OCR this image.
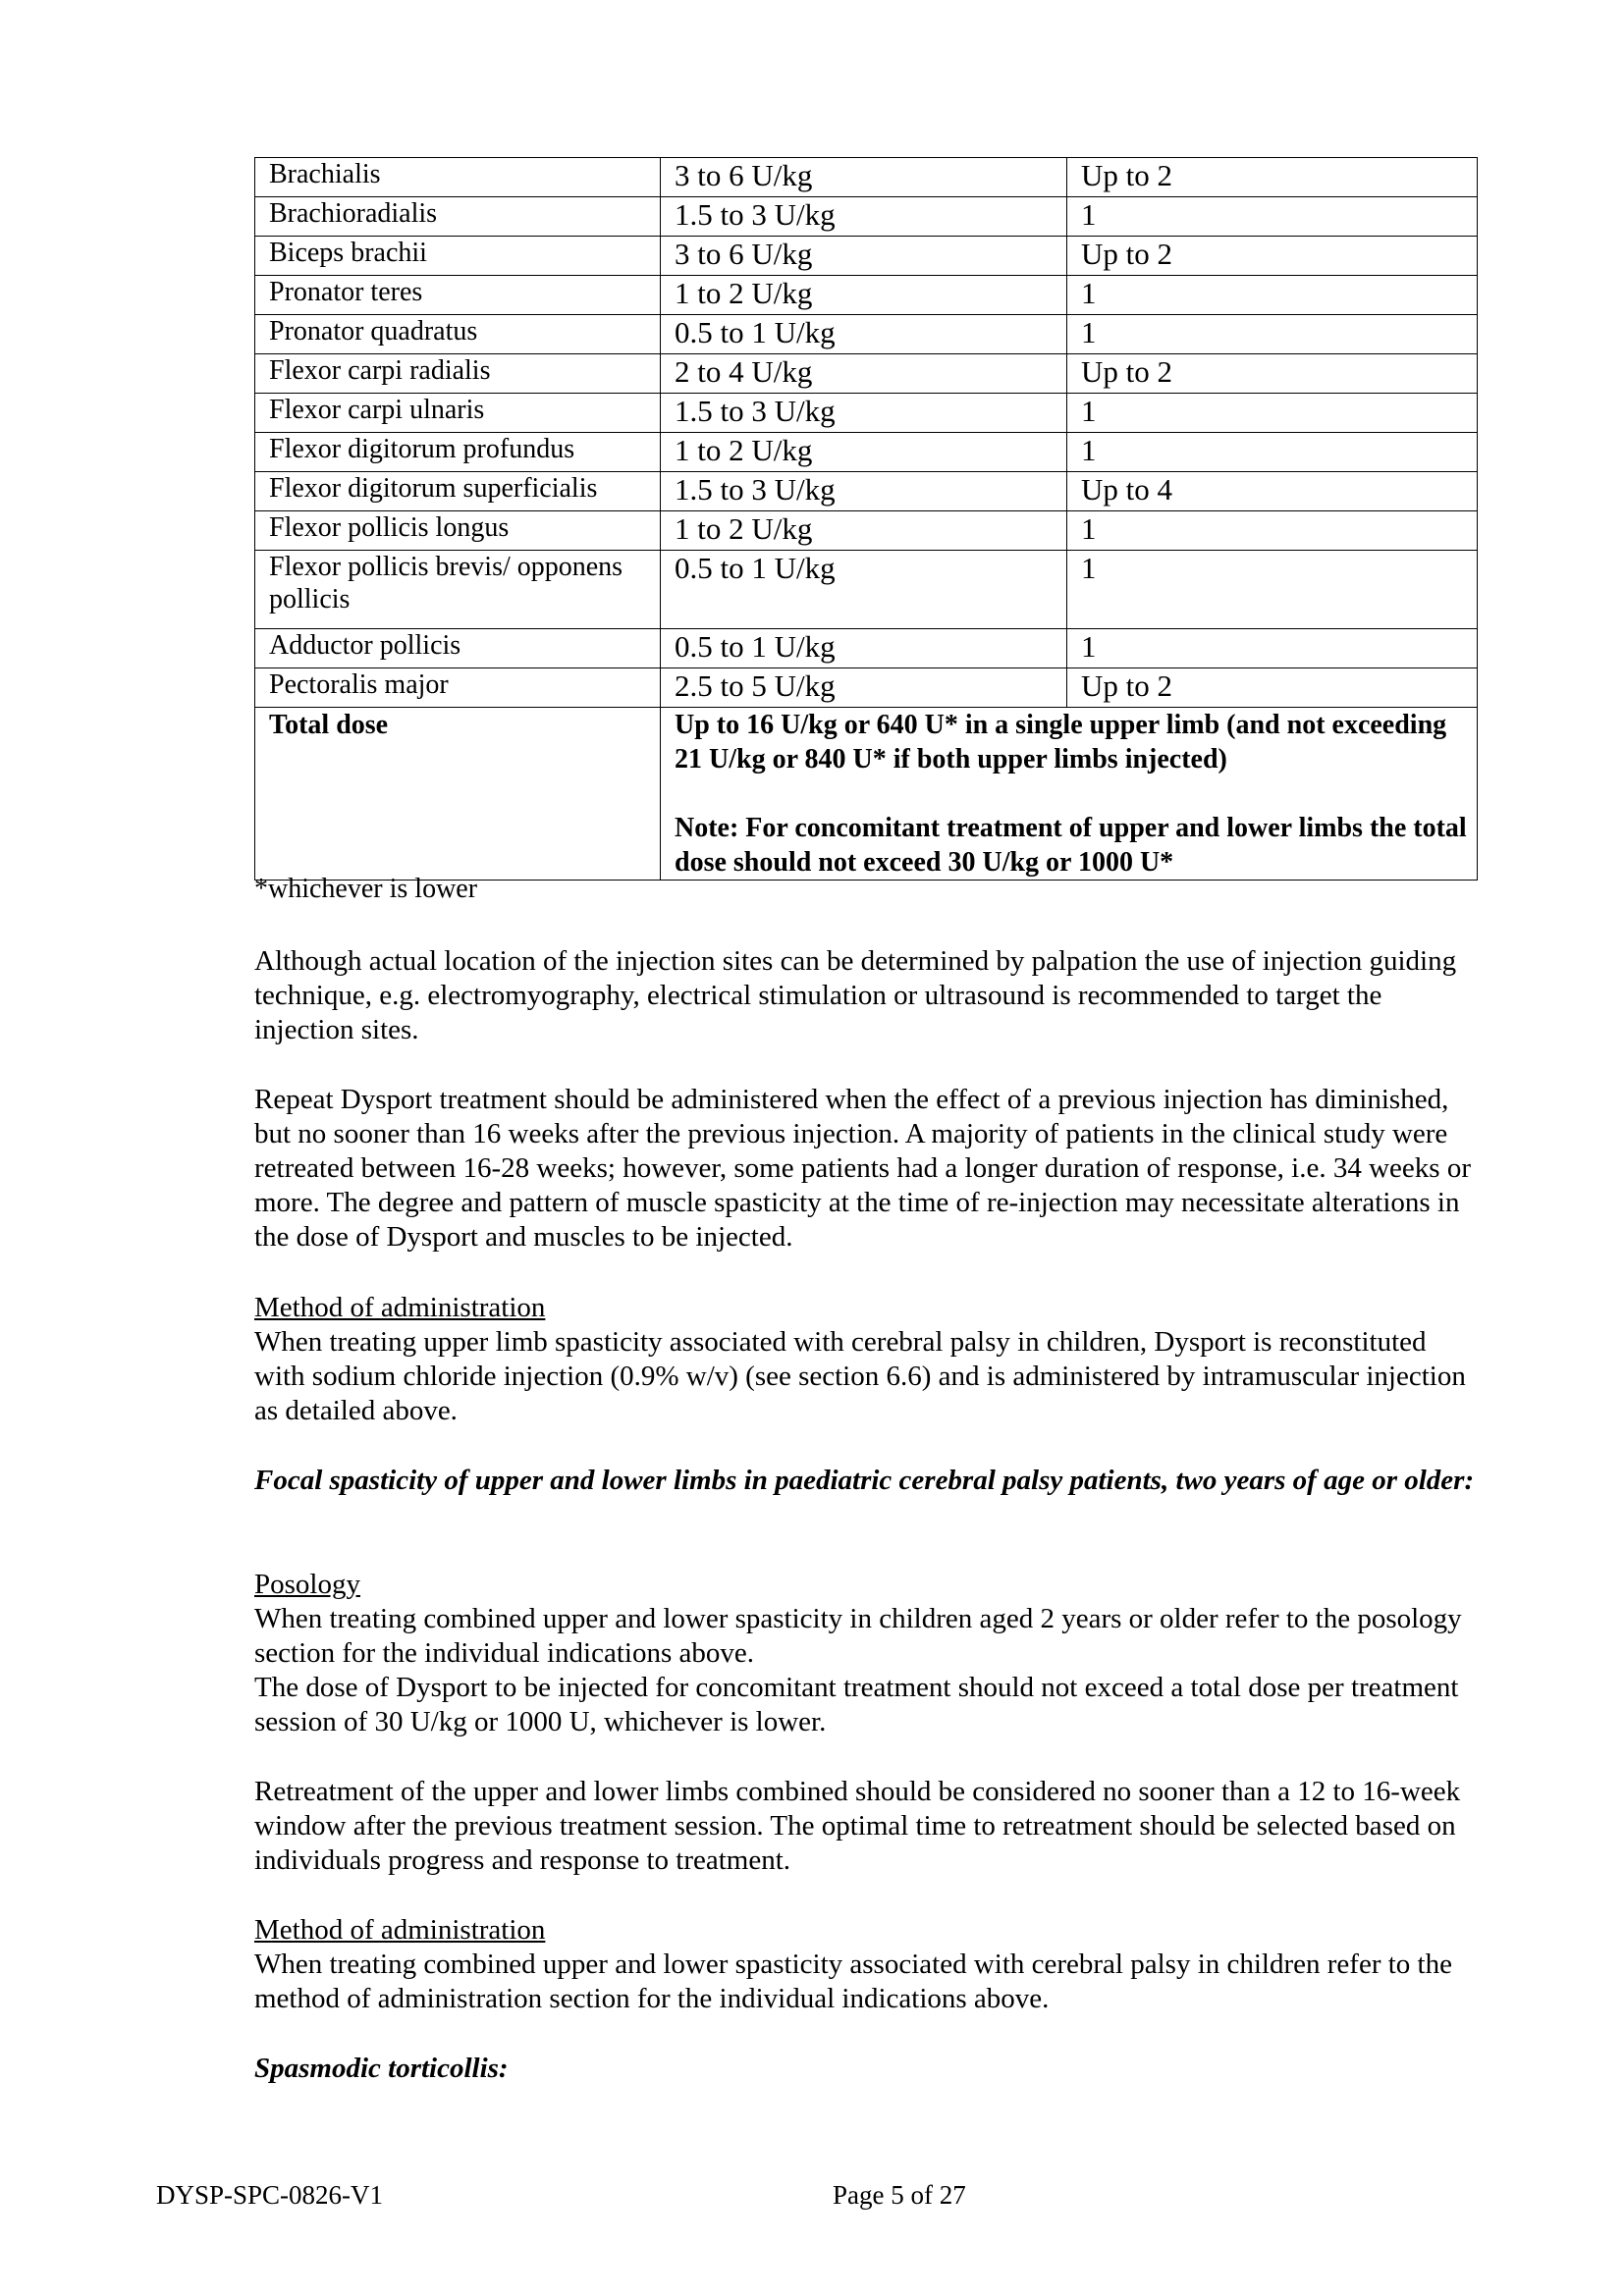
Brachialis	3 to 6 U/kg	Up to 2
Brachioradialis	1.5 to 3 U/kg	1
Biceps brachii	3 to 6 U/kg	Up to 2
Pronator teres	1 to 2 U/kg	1
Pronator quadratus	0.5 to 1 U/kg	1
Flexor carpi radialis	2 to 4 U/kg	Up to 2
Flexor carpi ulnaris	1.5 to 3 U/kg	1
Flexor digitorum profundus	1 to 2 U/kg	1
Flexor digitorum superficialis	1.5 to 3 U/kg	Up to 4
Flexor pollicis longus	1 to 2 U/kg	1
Flexor pollicis brevis/ opponens pollicis	0.5 to 1 U/kg	1
Adductor pollicis	0.5 to 1 U/kg	1
Pectoralis major	2.5 to 5 U/kg	Up to 2
Total dose	Up to 16 U/kg or 640 U* in a single upper limb (and not exceeding 21 U/kg or 840 U* if both upper limbs injected)
Note: For concomitant treatment of upper and lower limbs the total dose should not exceed 30 U/kg or 1000 U*	

*whichever is lower

Although actual location of the injection sites can be determined by palpation the use of injection guiding technique, e.g. electromyography, electrical stimulation or ultrasound is recommended to target the injection sites.

Repeat Dysport treatment should be administered when the effect of a previous injection has diminished, but no sooner than 16 weeks after the previous injection. A majority of patients in the clinical study were retreated between 16-28 weeks; however, some patients had a longer duration of response, i.e. 34 weeks or more. The degree and pattern of muscle spasticity at the time of re-injection may necessitate alterations in the dose of Dysport and muscles to be injected.

Method of administration

When treating upper limb spasticity associated with cerebral palsy in children, Dysport is reconstituted with sodium chloride injection (0.9% w/v) (see section 6.6) and is administered by intramuscular injection as detailed above.

Focal spasticity of upper and lower limbs in paediatric cerebral palsy patients, two years of age or older:

Posology

When treating combined upper and lower spasticity in children aged 2 years or older refer to the posology section for the individual indications above.

The dose of Dysport to be injected for concomitant treatment should not exceed a total dose per treatment session of 30 U/kg or 1000 U, whichever is lower.

Retreatment of the upper and lower limbs combined should be considered no sooner than a 12 to 16-week window after the previous treatment session. The optimal time to retreatment should be selected based on individuals progress and response to treatment.

Method of administration

When treating combined upper and lower spasticity associated with cerebral palsy in children refer to the method of administration section for the individual indications above.

Spasmodic torticollis:

DYSP-SPC-0826-V1	Page 5 of 27
